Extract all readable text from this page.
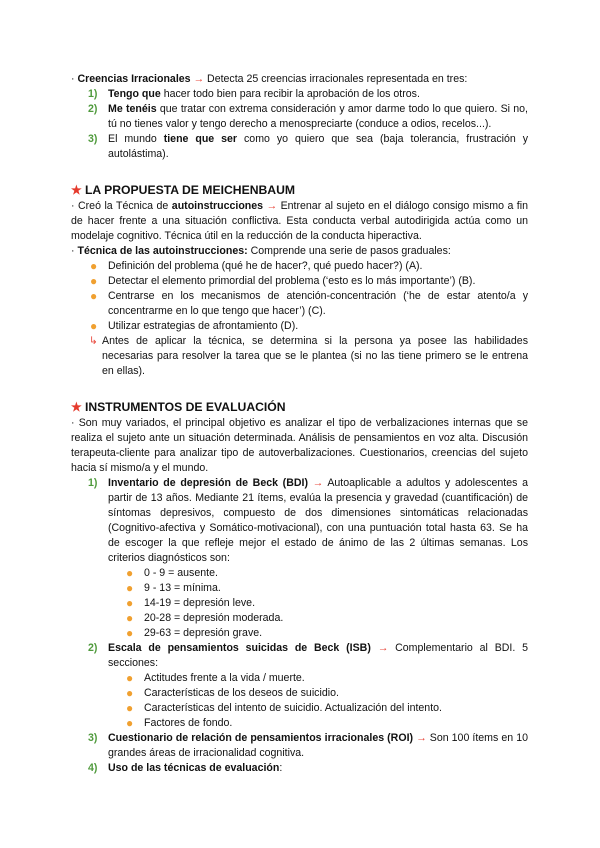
· Creencias Irracionales → Detecta 25 creencias irracionales representada en tres:

1) Tengo que hacer todo bien para recibir la aprobación de los otros.
2) Me tenéis que tratar con extrema consideración y amor darme todo lo que quiero. Si no, tú no tienes valor y tengo derecho a menospreciarte (conduce a odios, recelos...).
3) El mundo tiene que ser como yo quiero que sea (baja tolerancia, frustración y autolástima).
★ LA PROPUESTA DE MEICHENBAUM

· Creó la Técnica de autoinstrucciones → Entrenar al sujeto en el diálogo consigo mismo a fin de hacer frente a una situación conflictiva. Esta conducta verbal autodirigida actúa como un modelaje cognitivo. Técnica útil en la reducción de la conducta hiperactiva.

· Técnica de las autoinstrucciones: Comprende una serie de pasos graduales:

● Definición del problema (qué he de hacer?, qué puedo hacer?) (A).
● Detectar el elemento primordial del problema (‘esto es lo más importante’) (B).
● Centrarse en los mecanismos de atención-concentración (‘he de estar atento/a y concentrarme en lo que tengo que hacer’) (C).
● Utilizar estrategias de afrontamiento (D).
↳ Antes de aplicar la técnica, se determina si la persona ya posee las habilidades necesarias para resolver la tarea que se le plantea (si no las tiene primero se le entrena en ellas).
★ INSTRUMENTOS DE EVALUACIÓN

· Son muy variados, el principal objetivo es analizar el tipo de verbalizaciones internas que se realiza el sujeto ante un situación determinada. Análisis de pensamientos en voz alta. Discusión terapeuta-cliente para analizar tipo de autoverbalizaciones. Cuestionarios, creencias del sujeto hacia sí mismo/a y el mundo.

1) Inventario de depresión de Beck (BDI) → Autoaplicable a adultos y adolescentes a partir de 13 años. Mediante 21 ítems, evalúa la presencia y gravedad (cuantificación) de síntomas depresivos, compuesto de dos dimensiones sintomáticas relacionadas (Cognitivo-afectiva y Somático-motivacional), con una puntuación total hasta 63. Se ha de escoger la que refleje mejor el estado de ánimo de las 2 últimas semanas. Los criterios diagnósticos son:
● 0 - 9 = ausente.
● 9 - 13 = mínima.
● 14-19 = depresión leve.
● 20-28 = depresión moderada.
● 29-63 = depresión grave.
2) Escala de pensamientos suicidas de Beck (ISB) → Complementario al BDI. 5 secciones:
● Actitudes frente a la vida / muerte.
● Características de los deseos de suicidio.
● Características del intento de suicidio. Actualización del intento.
● Factores de fondo.
3) Cuestionario de relación de pensamientos irracionales (ROI) → Son 100 ítems en 10 grandes áreas de irracionalidad cognitiva.
4) Uso de las técnicas de evaluación:
